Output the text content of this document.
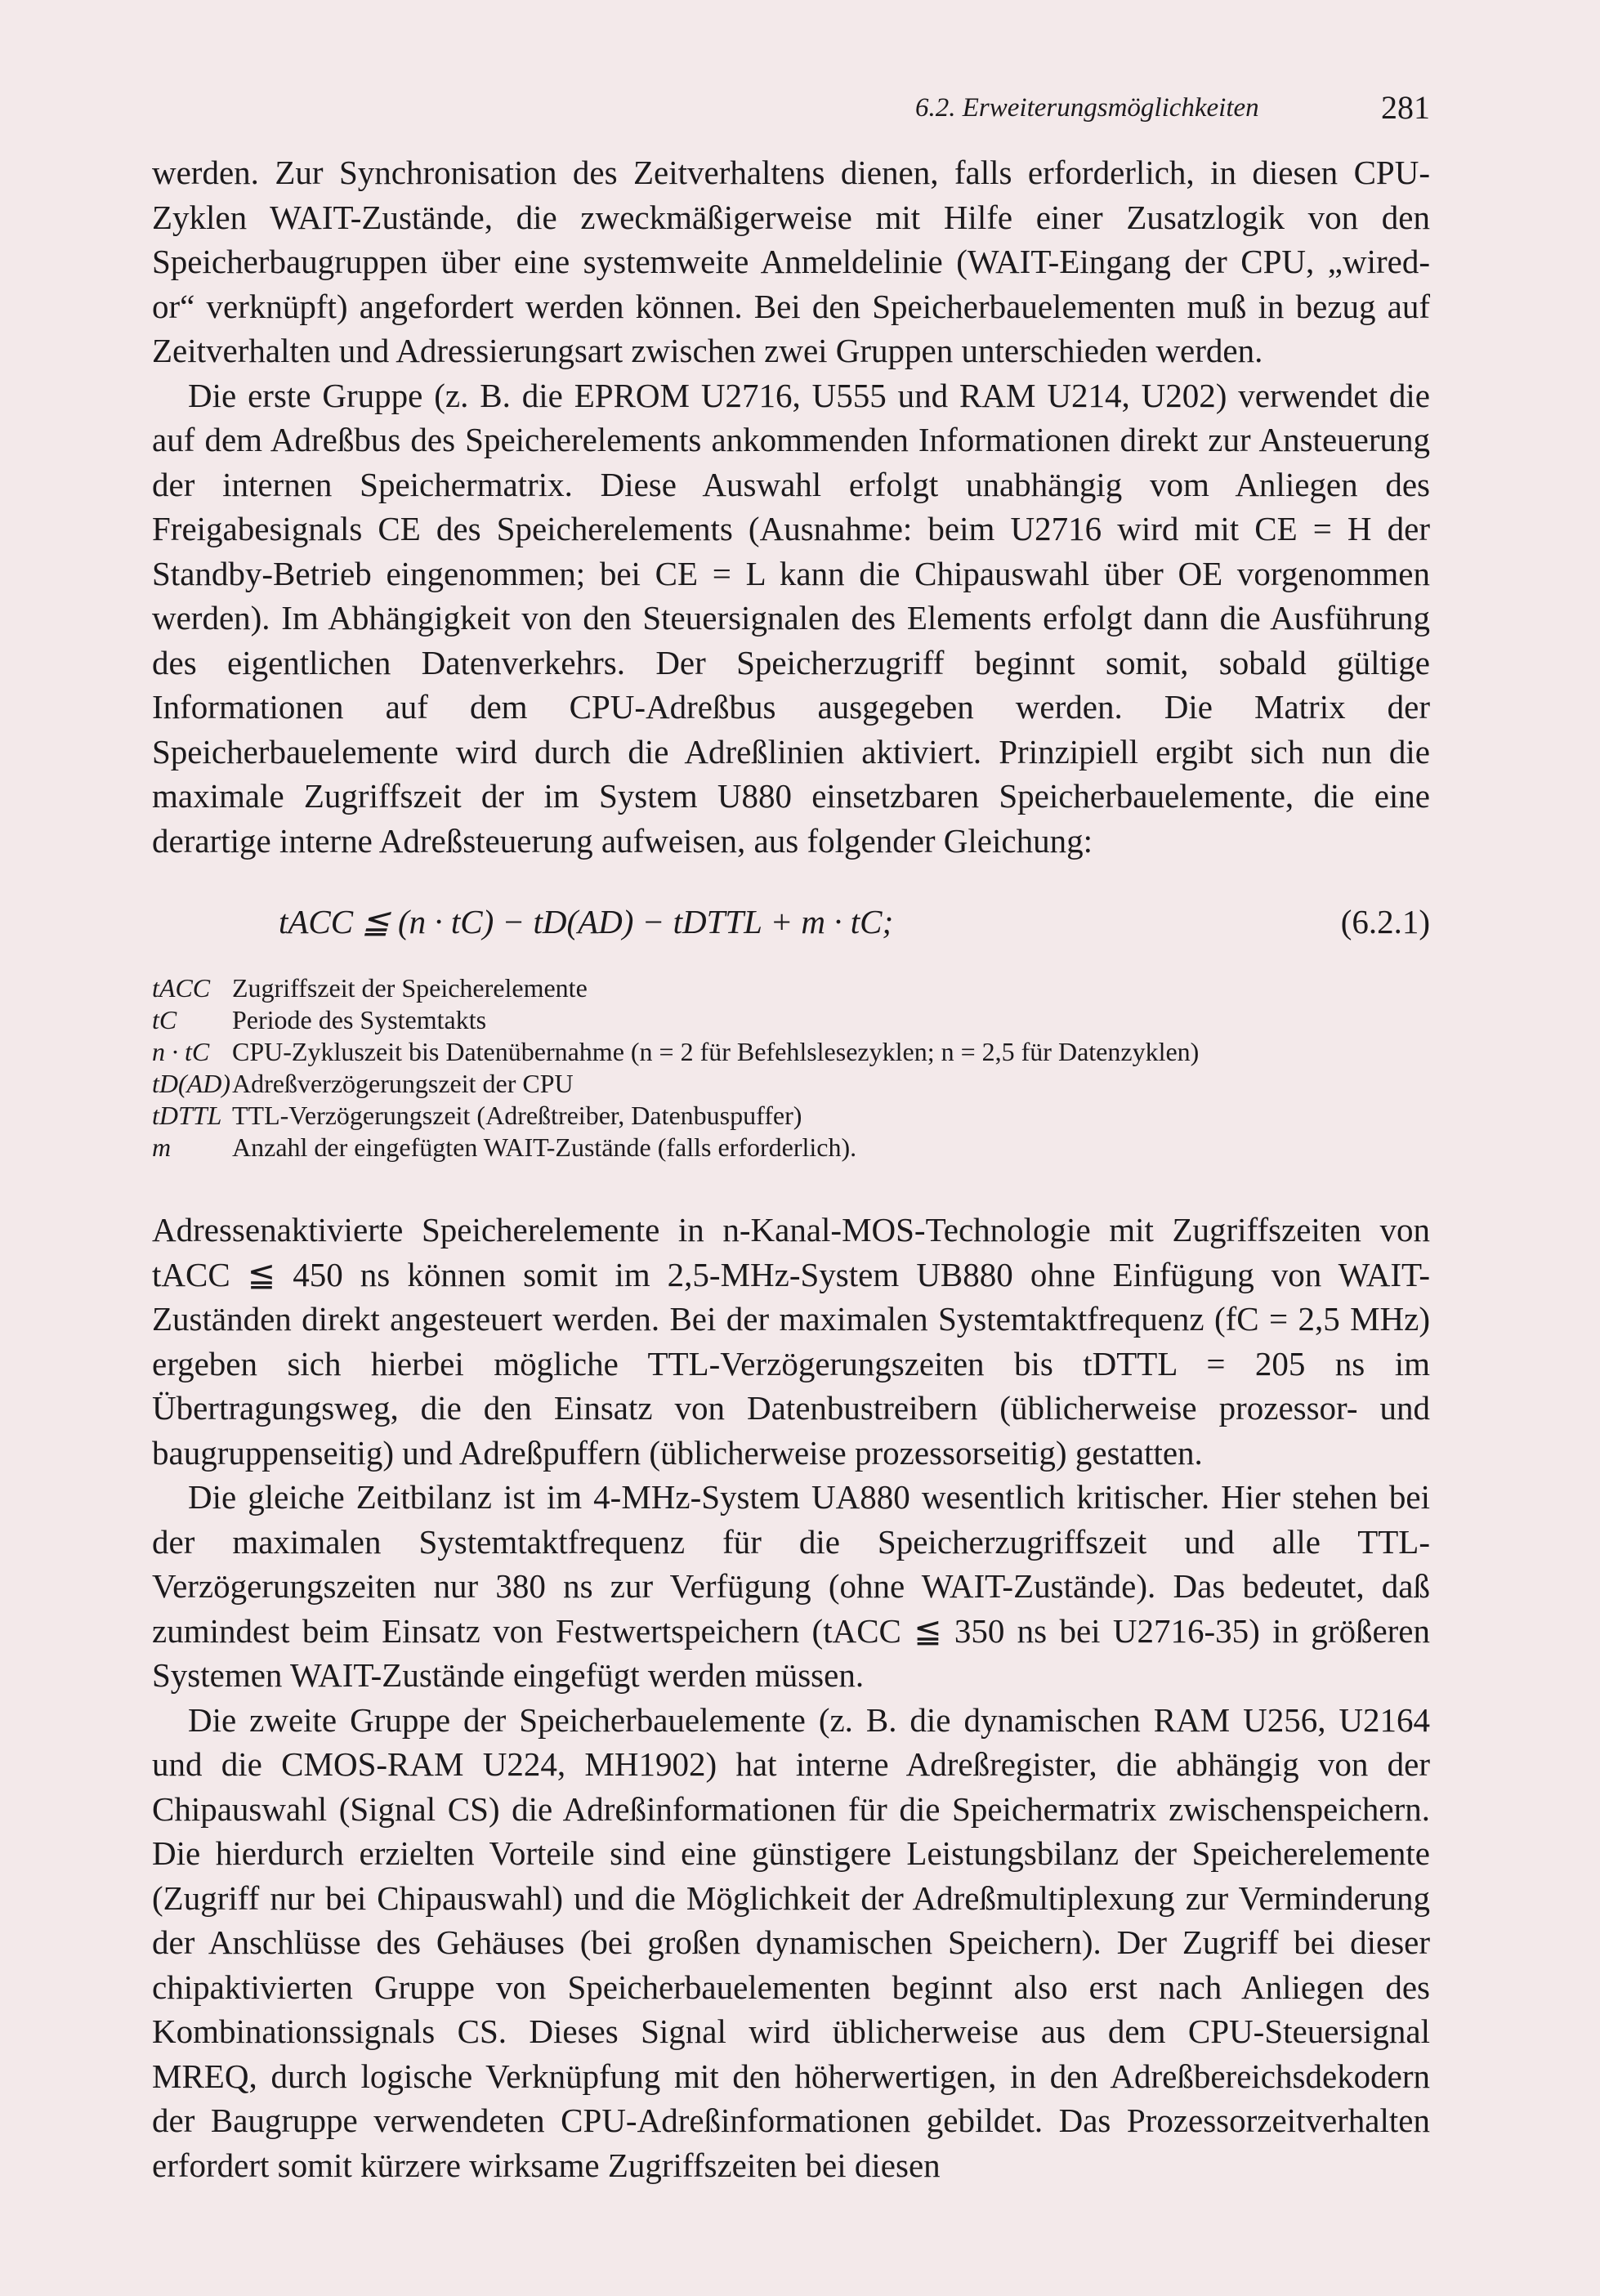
6.2. Erweiterungsmöglichkeiten	281

werden. Zur Synchronisation des Zeitverhaltens dienen, falls erforderlich, in diesen CPU-Zyklen WAIT-Zustände, die zweckmäßigerweise mit Hilfe einer Zusatzlogik von den Speicherbaugruppen über eine systemweite Anmeldelinie (WAIT-Eingang der CPU, „wired-or“ verknüpft) angefordert werden können. Bei den Speicherbauelementen muß in bezug auf Zeitverhalten und Adressierungsart zwischen zwei Gruppen unterschieden werden.

Die erste Gruppe (z. B. die EPROM U2716, U555 und RAM U214, U202) verwendet die auf dem Adreßbus des Speicherelements ankommenden Informationen direkt zur Ansteuerung der internen Speichermatrix. Diese Auswahl erfolgt unabhängig vom Anliegen des Freigabesignals CE des Speicherelements (Ausnahme: beim U2716 wird mit CE = H der Standby-Betrieb eingenommen; bei CE = L kann die Chipauswahl über OE vorgenommen werden). Im Abhängigkeit von den Steuersignalen des Elements erfolgt dann die Ausführung des eigentlichen Datenverkehrs. Der Speicherzugriff beginnt somit, sobald gültige Informationen auf dem CPU-Adreßbus ausgegeben werden. Die Matrix der Speicherbauelemente wird durch die Adreßlinien aktiviert. Prinzipiell ergibt sich nun die maximale Zugriffszeit der im System U880 einsetzbaren Speicherbauelemente, die eine derartige interne Adreßsteuerung aufweisen, aus folgender Gleichung:

tACC ≦ (n · tC) − tD(AD) − tDTTL + m · tC;	(6.2.1)
tACC Zugriffszeit der Speicherelemente
tC Periode des Systemtakts
n · tC CPU-Zykluszeit bis Datenübernahme (n = 2 für Befehlslesezyklen; n = 2,5 für Datenzyklen)
tD(AD) Adreßverzögerungszeit der CPU
tDTTL TTL-Verzögerungszeit (Adreßtreiber, Datenbuspuffer)
m Anzahl der eingefügten WAIT-Zustände (falls erforderlich).

Adressenaktivierte Speicherelemente in n-Kanal-MOS-Technologie mit Zugriffszeiten von tACC ≦ 450 ns können somit im 2,5-MHz-System UB880 ohne Einfügung von WAIT-Zuständen direkt angesteuert werden. Bei der maximalen Systemtaktfrequenz (fC = 2,5 MHz) ergeben sich hierbei mögliche TTL-Verzögerungszeiten bis tDTTL = 205 ns im Übertragungsweg, die den Einsatz von Datenbustreibern (üblicherweise prozessor- und baugruppenseitig) und Adreßpuffern (üblicherweise prozessorseitig) gestatten.

Die gleiche Zeitbilanz ist im 4-MHz-System UA880 wesentlich kritischer. Hier stehen bei der maximalen Systemtaktfrequenz für die Speicherzugriffszeit und alle TTL-Verzögerungszeiten nur 380 ns zur Verfügung (ohne WAIT-Zustände). Das bedeutet, daß zumindest beim Einsatz von Festwertspeichern (tACC ≦ 350 ns bei U2716-35) in größeren Systemen WAIT-Zustände eingefügt werden müssen.

Die zweite Gruppe der Speicherbauelemente (z. B. die dynamischen RAM U256, U2164 und die CMOS-RAM U224, MH1902) hat interne Adreßregister, die abhängig von der Chipauswahl (Signal CS) die Adreßinformationen für die Speichermatrix zwischenspeichern. Die hierdurch erzielten Vorteile sind eine günstigere Leistungsbilanz der Speicherelemente (Zugriff nur bei Chipauswahl) und die Möglichkeit der Adreßmultiplexung zur Verminderung der Anschlüsse des Gehäuses (bei großen dynamischen Speichern). Der Zugriff bei dieser chipaktivierten Gruppe von Speicherbauelementen beginnt also erst nach Anliegen des Kombinationssignals CS. Dieses Signal wird üblicherweise aus dem CPU-Steuersignal MREQ, durch logische Verknüpfung mit den höherwertigen, in den Adreßbereichsdekodern der Baugruppe verwendeten CPU-Adreßinformationen gebildet. Das Prozessorzeitverhalten erfordert somit kürzere wirksame Zugriffszeiten bei diesen
